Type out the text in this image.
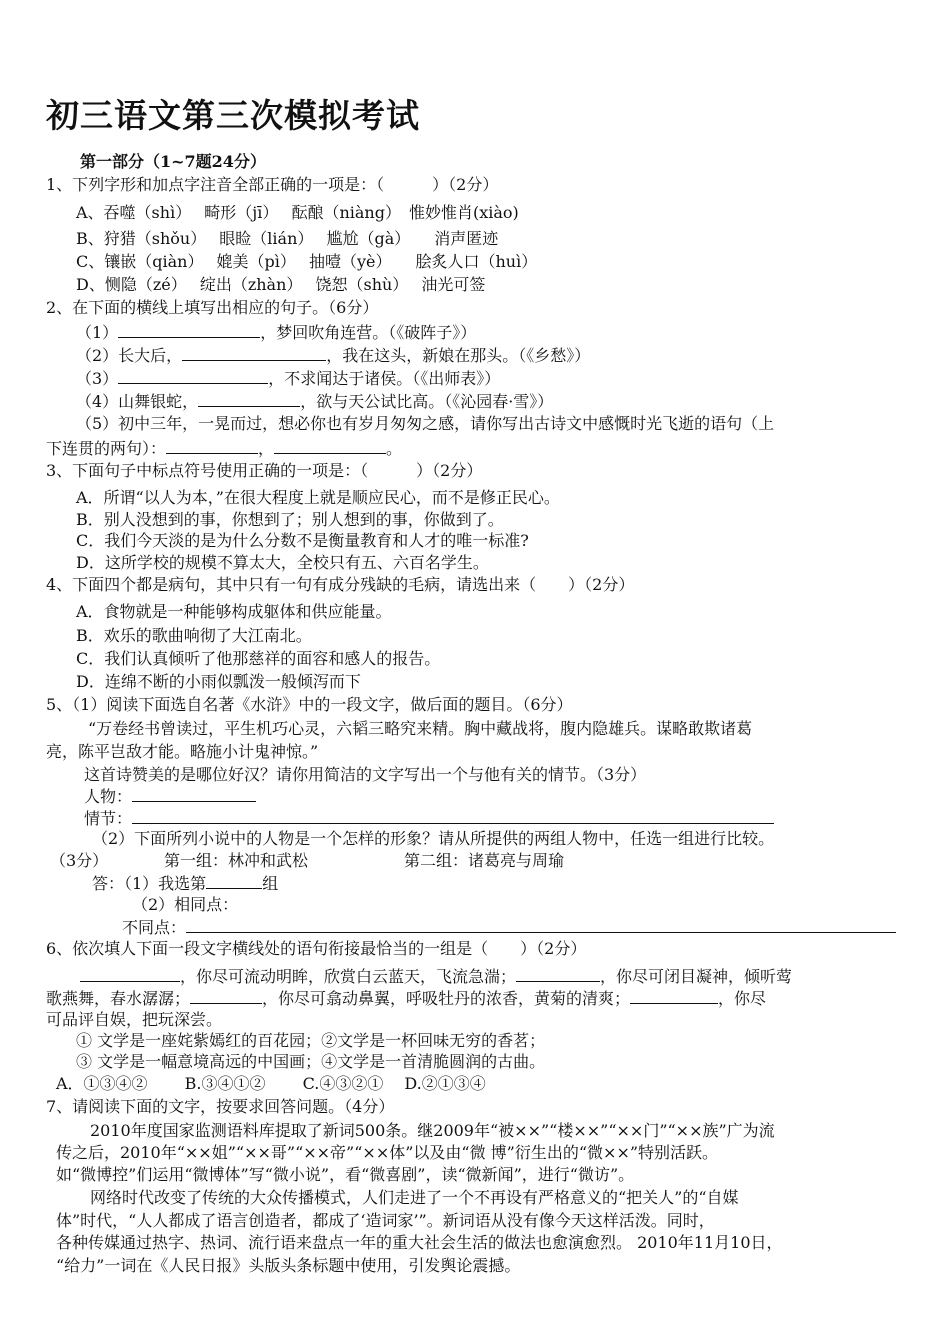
初三语文第三次模拟考试
第一部分（1~7题24分）
1、下列字形和加点字注音全部正确的一项是：（　　　）（2分）
A、吞噬（shì）　 畸形（jī）　 酝酿（niàng）　惟妙惟肖(xiào)
B、狩猎（shǒu）　 眼睑（lián）　 尴尬（gà）　　消声匿迹
C、镶嵌（qiàn）　 媲美（pì）　 抽噎（yè）　　脍炙人口（huì）
D、恻隐（zé）　 绽出（zhàn）　 饶恕（shù）　 油光可签
2、在下面的横线上填写出相应的句子。（6分）
（1）	，梦回吹角连营。（《破阵子》）
（2）长大后，	，我在这头，新娘在那头。（《乡愁》）
（3）	，不求闻达于诸侯。（《出师表》）
（4）山舞银蛇，	，欲与天公试比高。（《沁园春·雪》）
（5）初中三年，一晃而过，想必你也有岁月匆匆之感，请你写出古诗文中感慨时光飞逝的语句（上
下连贯的两句）：	，	。
3、下面句子中标点符号使用正确的一项是：（　　　）（2分）
A．所谓“以人为本，”在很大程度上就是顺应民心，而不是修正民心。
B．别人没想到的事，你想到了；别人想到的事，你做到了。
C．我们今天淡的是为什么分数不是衡量教育和人才的唯一标准?
D．这所学校的规模不算太大，全校只有五、六百名学生。
4、下面四个都是病句，其中只有一句有成分残缺的毛病，请选出来（　　）（2分）
A．食物就是一种能够构成躯体和供应能量。
B．欢乐的歌曲响彻了大江南北。
C．我们认真倾听了他那慈祥的面容和感人的报告。
D．连绵不断的小雨似瓢泼一般倾泻而下
5、（1）阅读下面选自名著《水浒》中的一段文字，做后面的题目。（6分）
“万卷经书曾读过，平生机巧心灵，六韬三略究来精。胸中藏战将，腹内隐雄兵。谋略敢欺诸葛
亮，陈平岂敌才能。略施小计鬼神惊。”
这首诗赞美的是哪位好汉？请你用简洁的文字写出一个与他有关的情节。（3分）
人物：
情节：
（2）下面所列小说中的人物是一个怎样的形象？请从所提供的两组人物中，任选一组进行比较。
（3分）	第一组：林冲和武松	第二组：诸葛亮与周瑜
答：（1）我选第	组
（2）相同点：
不同点：
6、依次填人下面一段文字横线处的语句衔接最恰当的一组是（　　）（2分）
，你尽可流动明眸，欣赏白云蓝天，飞流急湍；	，你尽可闭目凝神，倾听莺
歌燕舞，春水潺潺；	，你尽可翕动鼻翼，呼吸牡丹的浓香，黄菊的清爽；	，你尽
可品评自娱，把玩深尝。
① 文学是一座姹紫嫣红的百花园；②文学是一杯回味无穷的香茗；
③ 文学是一幅意境高远的中国画；④文学是一首清脆圆润的古曲。
A．①③④②　　 B.③④①②　　 C.④③②①　 D.②①③④
7、请阅读下面的文字，按要求回答问题。（4分）
2010年度国家监测语料库提取了新词500条。继2009年“被××”“楼××”“××门”“××族”广为流
传之后，2010年“××姐”“××哥”“××帝”“××体”以及由“微 博”衍生出的“微××”特别活跃。
如“微博控”们运用“微博体”写“微小说”，看“微喜剧”，读“微新闻”，进行“微访”。
网络时代改变了传统的大众传播模式，人们走进了一个不再设有严格意义的“把关人”的“自媒
体”时代，“人人都成了语言创造者，都成了‘造词家’”。新词语从没有像今天这样活泼。同时，
各种传媒通过热字、热词、流行语来盘点一年的重大社会生活的做法也愈演愈烈。 2010年11月10日，
“给力”一词在《人民日报》头版头条标题中使用，引发舆论震撼。
